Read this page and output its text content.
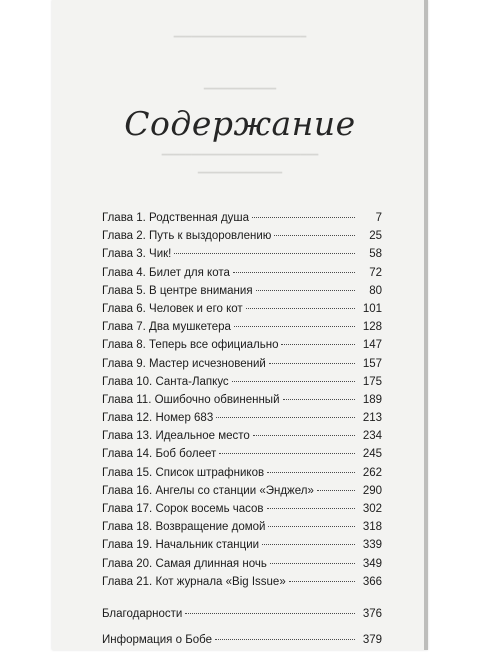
━━━━━━━━━━━━━━━━━━━━━━
━━━━━━━━━━━━
━━━━━━━━━━━━━━━━━━━━━━━━━━
━━━━━━━━━━━━━━
Содержание
Глава 1. Родственная душа	7
Глава 2. Путь к выздоровлению	25
Глава 3. Чик!	58
Глава 4. Билет для кота	72
Глава 5. В центре внимания	80
Глава 6. Человек и его кот	101
Глава 7. Два мушкетера	128
Глава 8. Теперь все официально	147
Глава 9. Мастер исчезновений	157
Глава 10. Санта-Лапкус	175
Глава 11. Ошибочно обвиненный	189
Глава 12. Номер 683	213
Глава 13. Идеальное место	234
Глава 14. Боб болеет	245
Глава 15. Список штрафников	262
Глава 16. Ангелы со станции «Энджел»	290
Глава 17. Сорок восемь часов	302
Глава 18. Возвращение домой	318
Глава 19. Начальник станции	339
Глава 20. Самая длинная ночь	349
Глава 21. Кот журнала «Big Issue»	366
Благодарности	376
Информация о Бобе	379
